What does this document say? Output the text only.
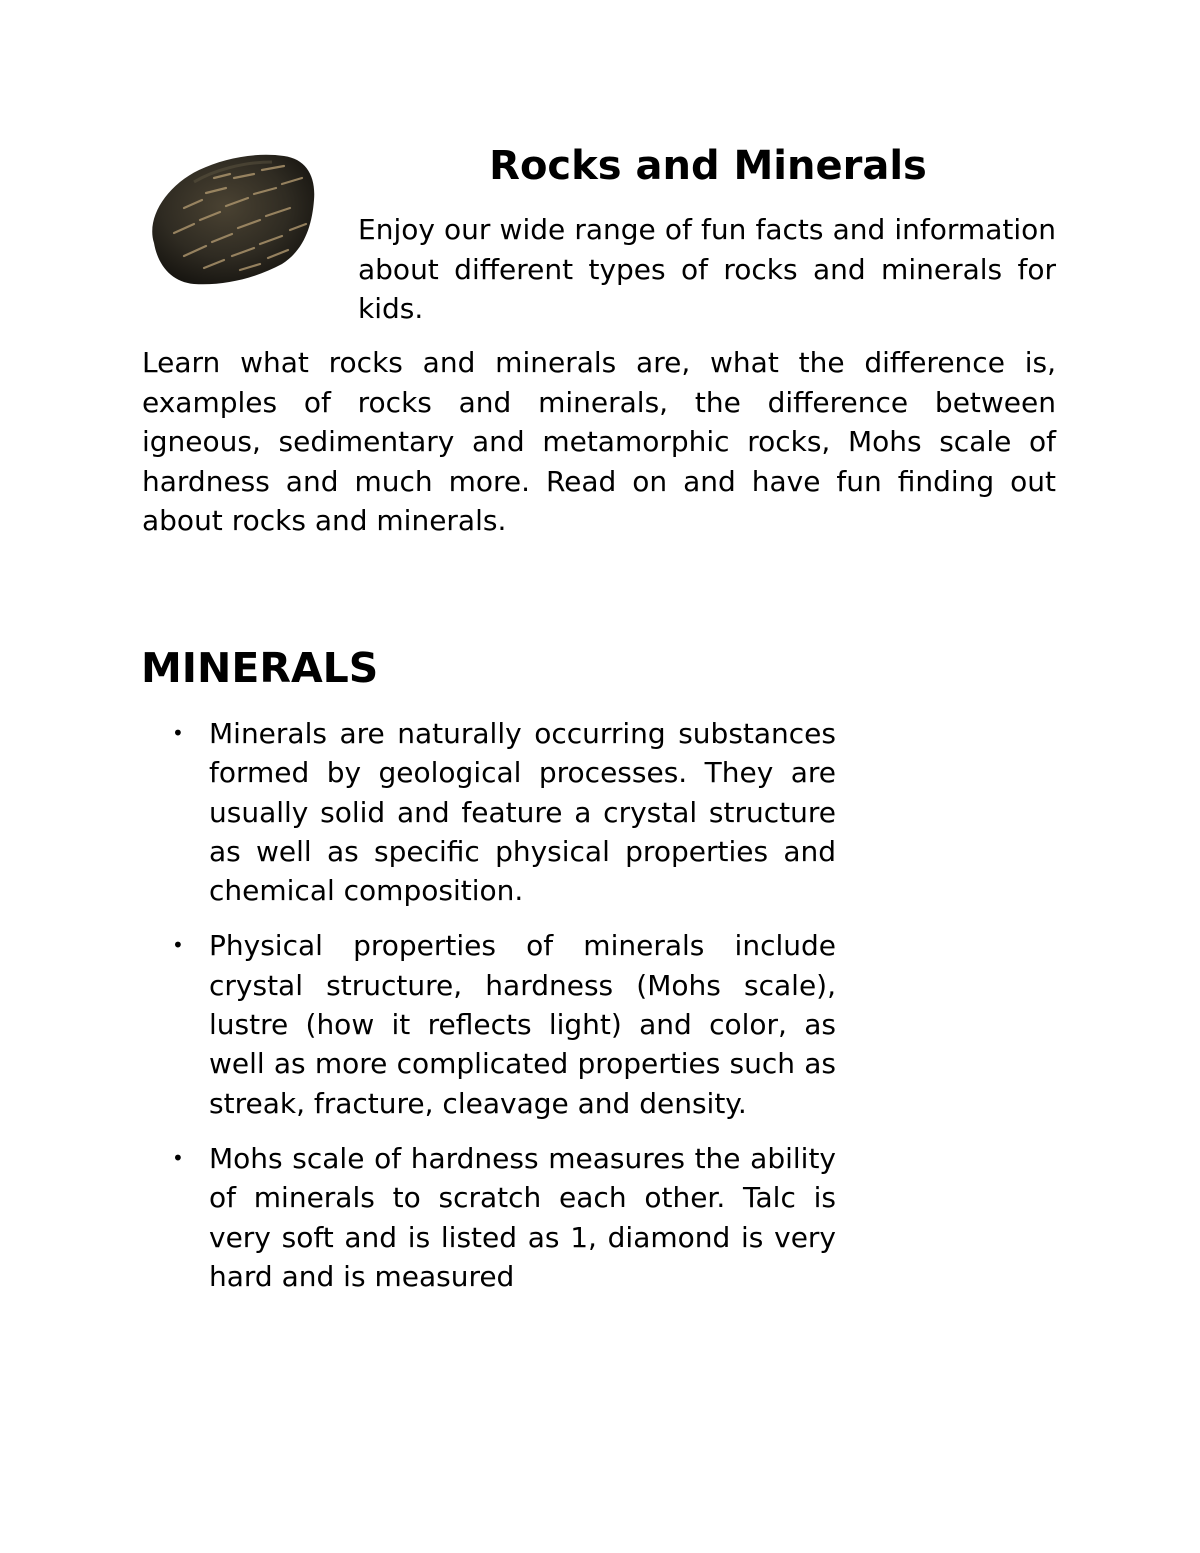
Rocks and Minerals

Enjoy our wide range of fun facts and information about different types of rocks and minerals for kids.

Learn what rocks and minerals are, what the difference is, examples of rocks and minerals, the difference between igneous, sedimentary and metamorphic rocks, Mohs scale of hardness and much more. Read on and have fun finding out about rocks and minerals.

MINERALS
• Minerals are naturally occurring substances formed by geological processes. They are usually solid and feature a crystal structure as well as specific physical properties and chemical composition.
• Physical properties of minerals include crystal structure, hardness (Mohs scale), lustre (how it reflects light) and color, as well as more complicated properties such as streak, fracture, cleavage and density.
• Mohs scale of hardness measures the ability of minerals to scratch each other. Talc is very soft and is listed as 1, diamond is very hard and is measured
